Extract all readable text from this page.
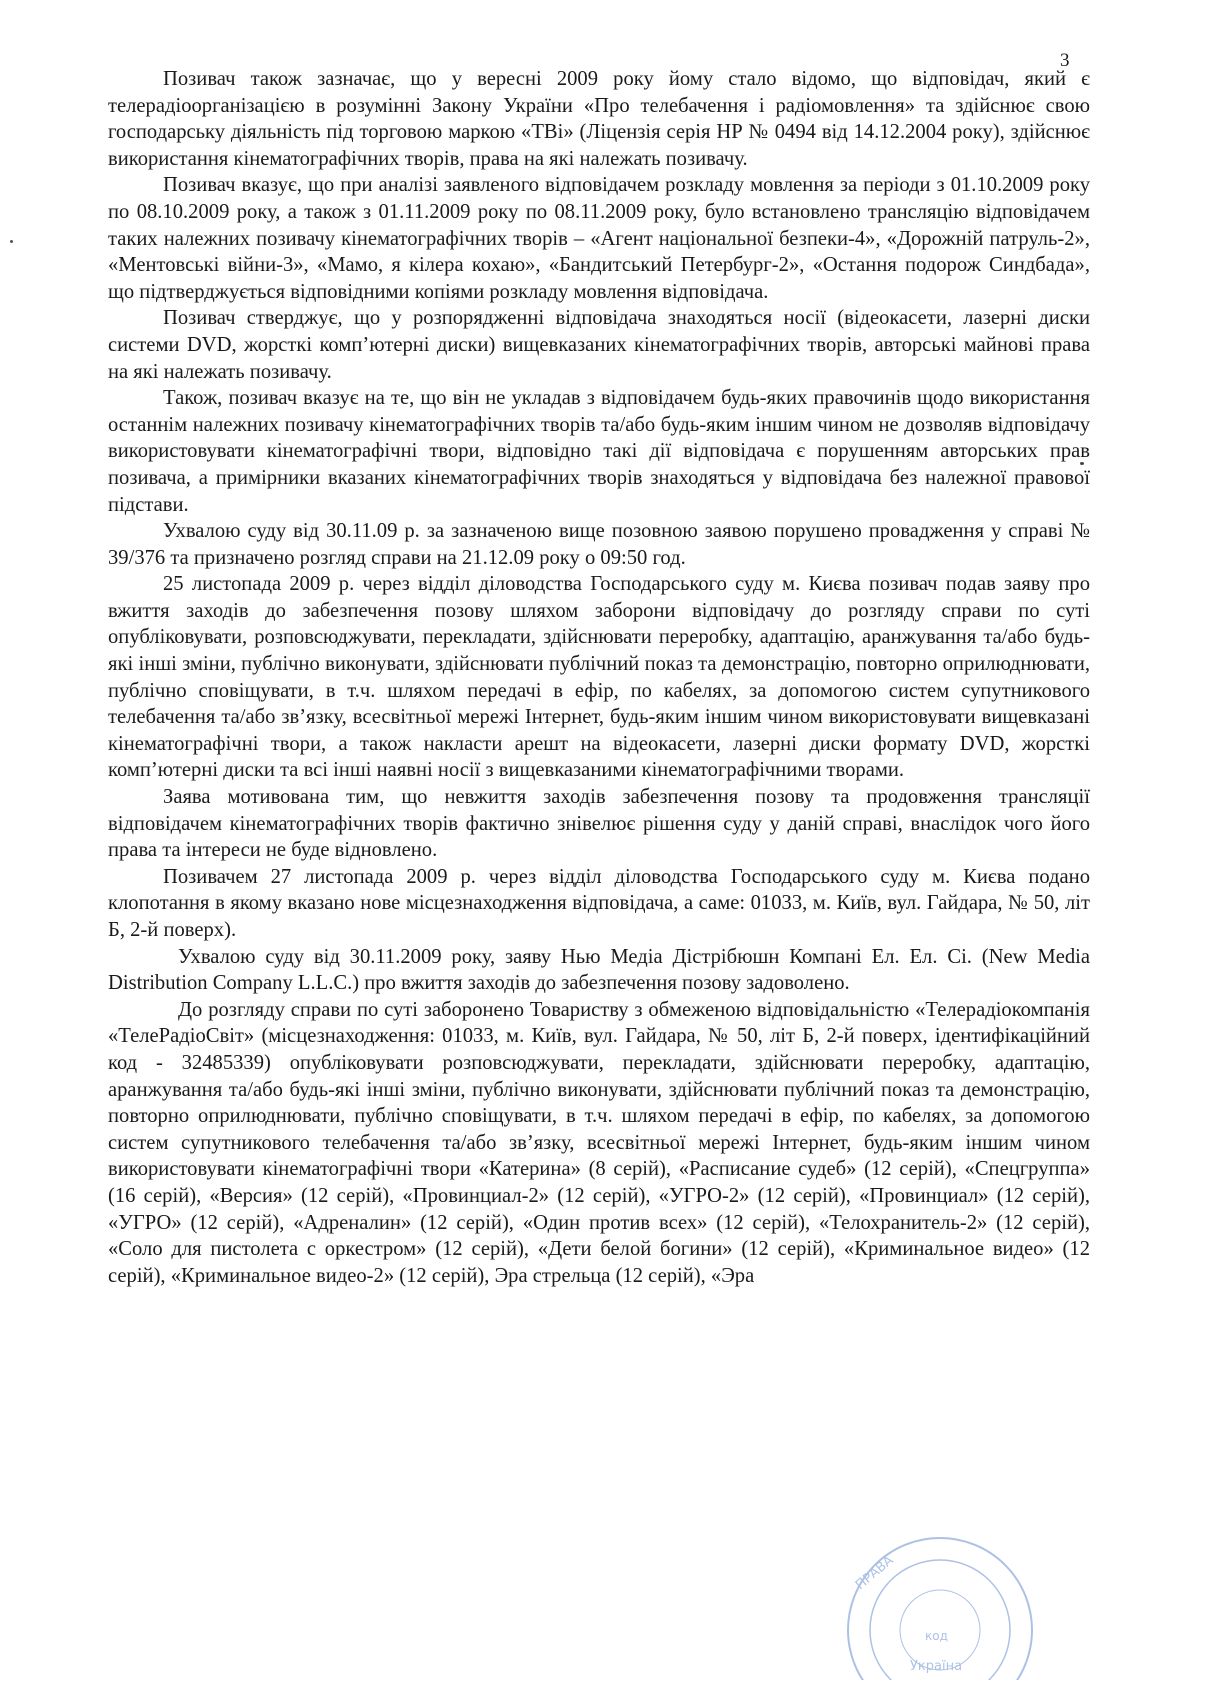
3

Позивач також зазначає, що у вересні 2009 року йому стало відомо, що відповідач, який є телерадіоорганізацією в розумінні Закону України «Про телебачення і радіомовлення» та здійснює свою господарську діяльність під торговою маркою «ТВі» (Ліцензія серія НР № 0494 від 14.12.2004 року), здійснює використання кінематографічних творів, права на які належать позивачу.

Позивач вказує, що при аналізі заявленого відповідачем розкладу мовлення за періоди з 01.10.2009 року по 08.10.2009 року, а також з 01.11.2009 року по 08.11.2009 року, було встановлено трансляцію відповідачем таких належних позивачу кінематографічних творів – «Агент національної безпеки-4», «Дорожній патруль-2», «Ментовські війни-3», «Мамо, я кілера кохаю», «Бандитський Петербург-2», «Остання подорож Синдбада», що підтверджується відповідними копіями розкладу мовлення відповідача.

Позивач стверджує, що у розпорядженні відповідача знаходяться носії (відеокасети, лазерні диски системи DVD, жорсткі комп’ютерні диски) вищевказаних кінематографічних творів, авторські майнові права на які належать позивачу.

Також, позивач вказує на те, що він не укладав з відповідачем будь-яких правочинів щодо використання останнім належних позивачу кінематографічних творів та/або будь-яким іншим чином не дозволяв відповідачу використовувати кінематографічні твори, відповідно такі дії відповідача є порушенням авторських прав позивача, а примірники вказаних кінематографічних творів знаходяться у відповідача без належної правової підстави.

Ухвалою суду від 30.11.09 р. за зазначеною вище позовною заявою порушено провадження у справі № 39/376 та призначено розгляд справи на 21.12.09 року о 09:50 год.

25 листопада 2009 р. через відділ діловодства Господарського суду м. Києва позивач подав заяву про вжиття заходів до забезпечення позову шляхом заборони відповідачу до розгляду справи по суті опубліковувати, розповсюджувати, перекладати, здійснювати переробку, адаптацію, аранжування та/або будь-які інші зміни, публічно виконувати, здійснювати публічний показ та демонстрацію, повторно оприлюднювати, публічно сповіщувати, в т.ч. шляхом передачі в ефір, по кабелях, за допомогою систем супутникового телебачення та/або зв’язку, всесвітньої мережі Інтернет, будь-яким іншим чином використовувати вищевказані кінематографічні твори, а також накласти арешт на відеокасети, лазерні диски формату DVD, жорсткі комп’ютерні диски та всі інші наявні носії з вищевказаними кінематографічними творами.

Заява мотивована тим, що невжиття заходів забезпечення позову та продовження трансляції відповідачем кінематографічних творів фактично знівелює рішення суду у даній справі, внаслідок чого його права та інтереси не буде відновлено.

Позивачем 27 листопада 2009 р. через відділ діловодства Господарського суду м. Києва подано клопотання в якому вказано нове місцезнаходження відповідача, а саме: 01033, м. Київ, вул. Гайдара, № 50, літ Б, 2-й поверх).

Ухвалою суду від 30.11.2009 року, заяву Нью Медіа Дістрібюшн Компані Ел. Ел. Сі. (New Media Distribution Company L.L.C.) про вжиття заходів до забезпечення позову задоволено.

До розгляду справи по суті заборонено Товариству з обмеженою відповідальністю «Телерадіокомпанія «ТелеРадіоСвіт» (місцезнаходження: 01033, м. Київ, вул. Гайдара, № 50, літ Б, 2-й поверх, ідентифікаційний код - 32485339) опубліковувати розповсюджувати, перекладати, здійснювати переробку, адаптацію, аранжування та/або будь-які інші зміни, публічно виконувати, здійснювати публічний показ та демонстрацію, повторно оприлюднювати, публічно сповіщувати, в т.ч. шляхом передачі в ефір, по кабелях, за допомогою систем супутникового телебачення та/або зв’язку, всесвітньої мережі Інтернет, будь-яким іншим чином використовувати кінематографічні твори «Катерина» (8 серій), «Расписание судеб» (12 серій), «Спецгруппа» (16 серій), «Версия» (12 серій), «Провинциал-2» (12 серій), «УГРО-2» (12 серій), «Провинциал» (12 серій), «УГРО» (12 серій), «Адреналин» (12 серій), «Один против всех» (12 серій), «Телохранитель-2» (12 серій), «Соло для пистолета с оркестром» (12 серій), «Дети белой богини» (12 серій), «Криминальное видео» (12 серій), «Криминальное видео-2» (12 серій), Эра стрельца (12 серій), «Эра

ПРАВА
код
Україна
